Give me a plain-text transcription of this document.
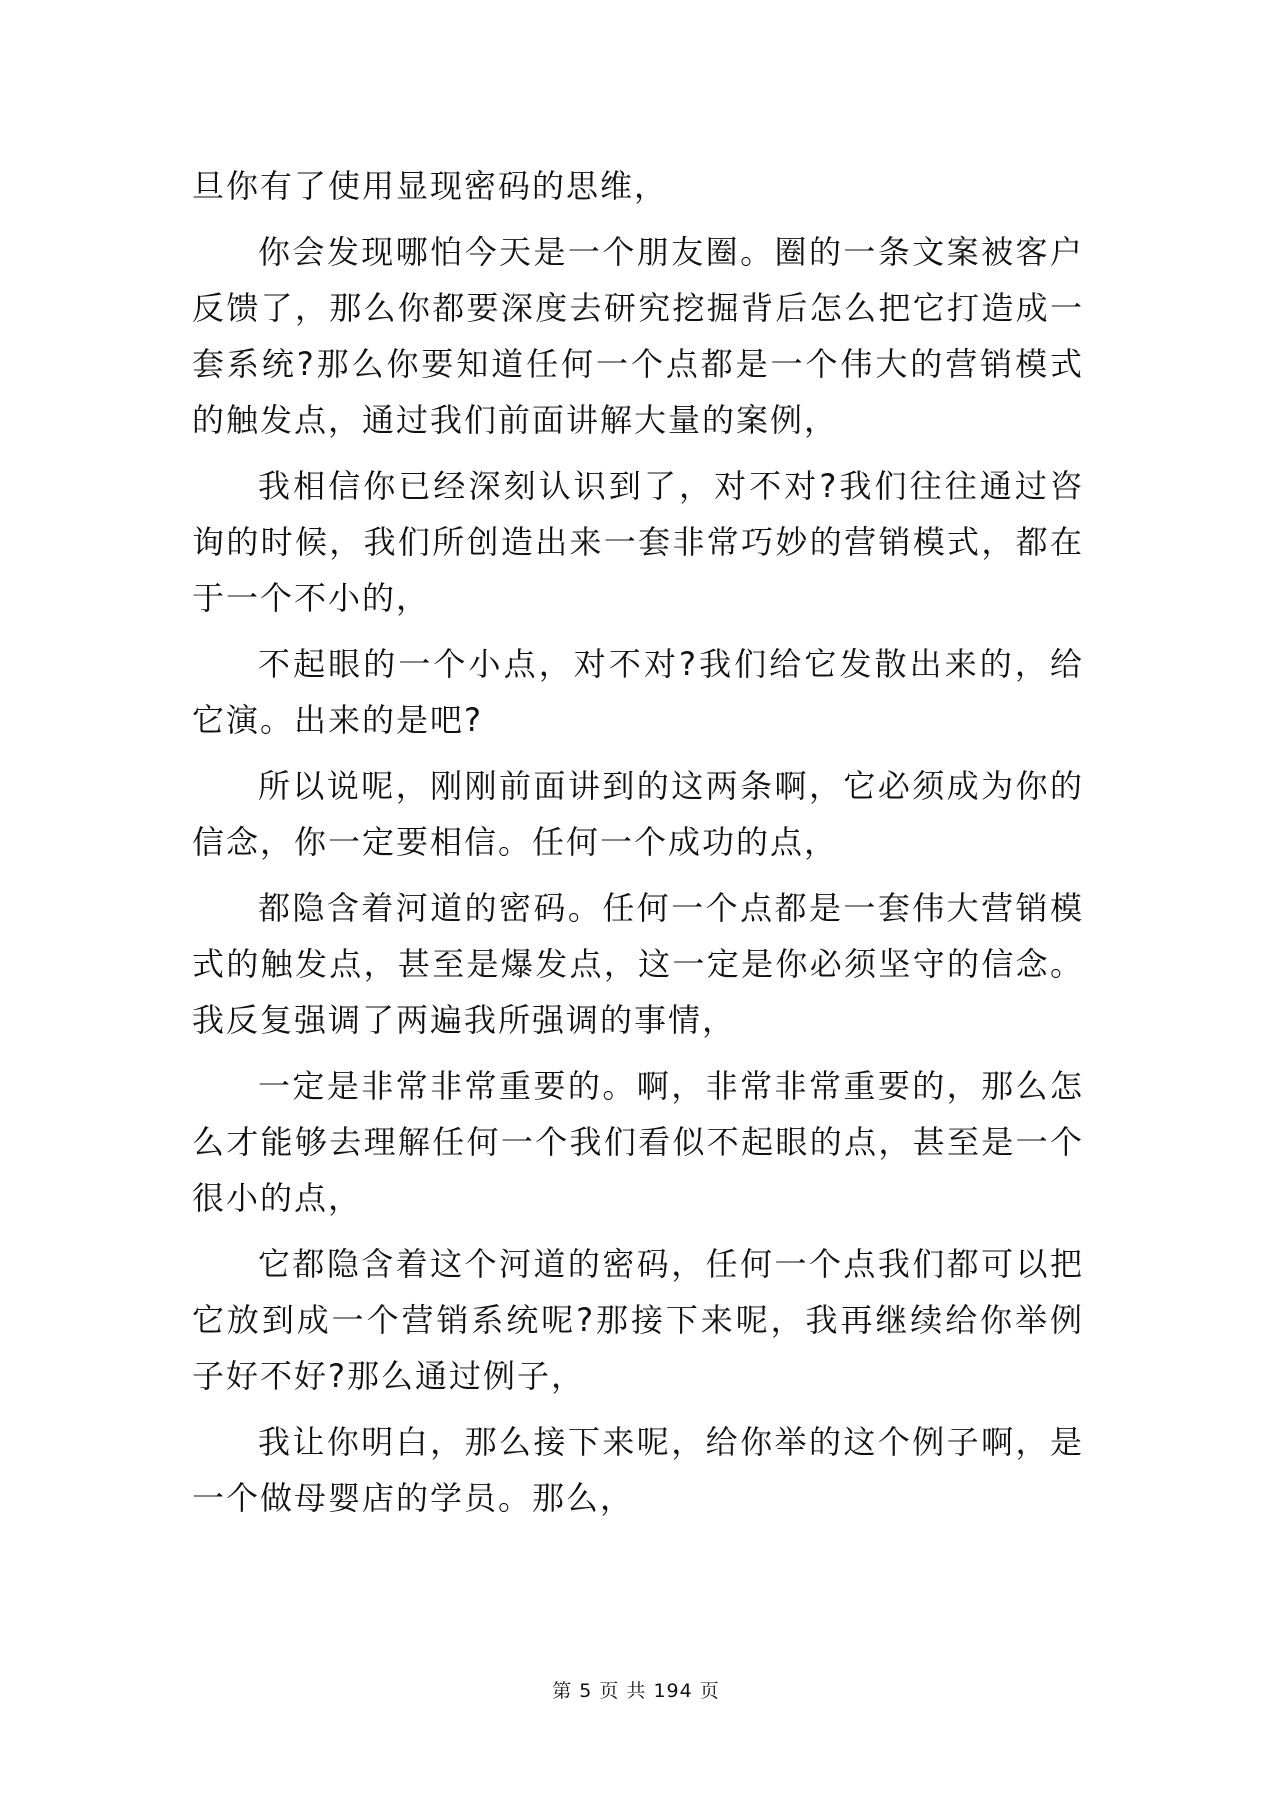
旦你有了使用显现密码的思维，

你会发现哪怕今天是一个朋友圈。圈的一条文案被客户反馈了，那么你都要深度去研究挖掘背后怎么把它打造成一套系统?那么你要知道任何一个点都是一个伟大的营销模式的触发点，通过我们前面讲解大量的案例，

我相信你已经深刻认识到了，对不对?我们往往通过咨询的时候，我们所创造出来一套非常巧妙的营销模式，都在于一个不小的，

不起眼的一个小点，对不对?我们给它发散出来的，给它演。出来的是吧?

所以说呢，刚刚前面讲到的这两条啊，它必须成为你的信念，你一定要相信。任何一个成功的点，

都隐含着河道的密码。任何一个点都是一套伟大营销模式的触发点，甚至是爆发点，这一定是你必须坚守的信念。我反复强调了两遍我所强调的事情，

一定是非常非常重要的。啊，非常非常重要的，那么怎么才能够去理解任何一个我们看似不起眼的点，甚至是一个很小的点，

它都隐含着这个河道的密码，任何一个点我们都可以把它放到成一个营销系统呢?那接下来呢，我再继续给你举例子好不好?那么通过例子，

我让你明白，那么接下来呢，给你举的这个例子啊，是一个做母婴店的学员。那么，

第 5 页 共 194 页
